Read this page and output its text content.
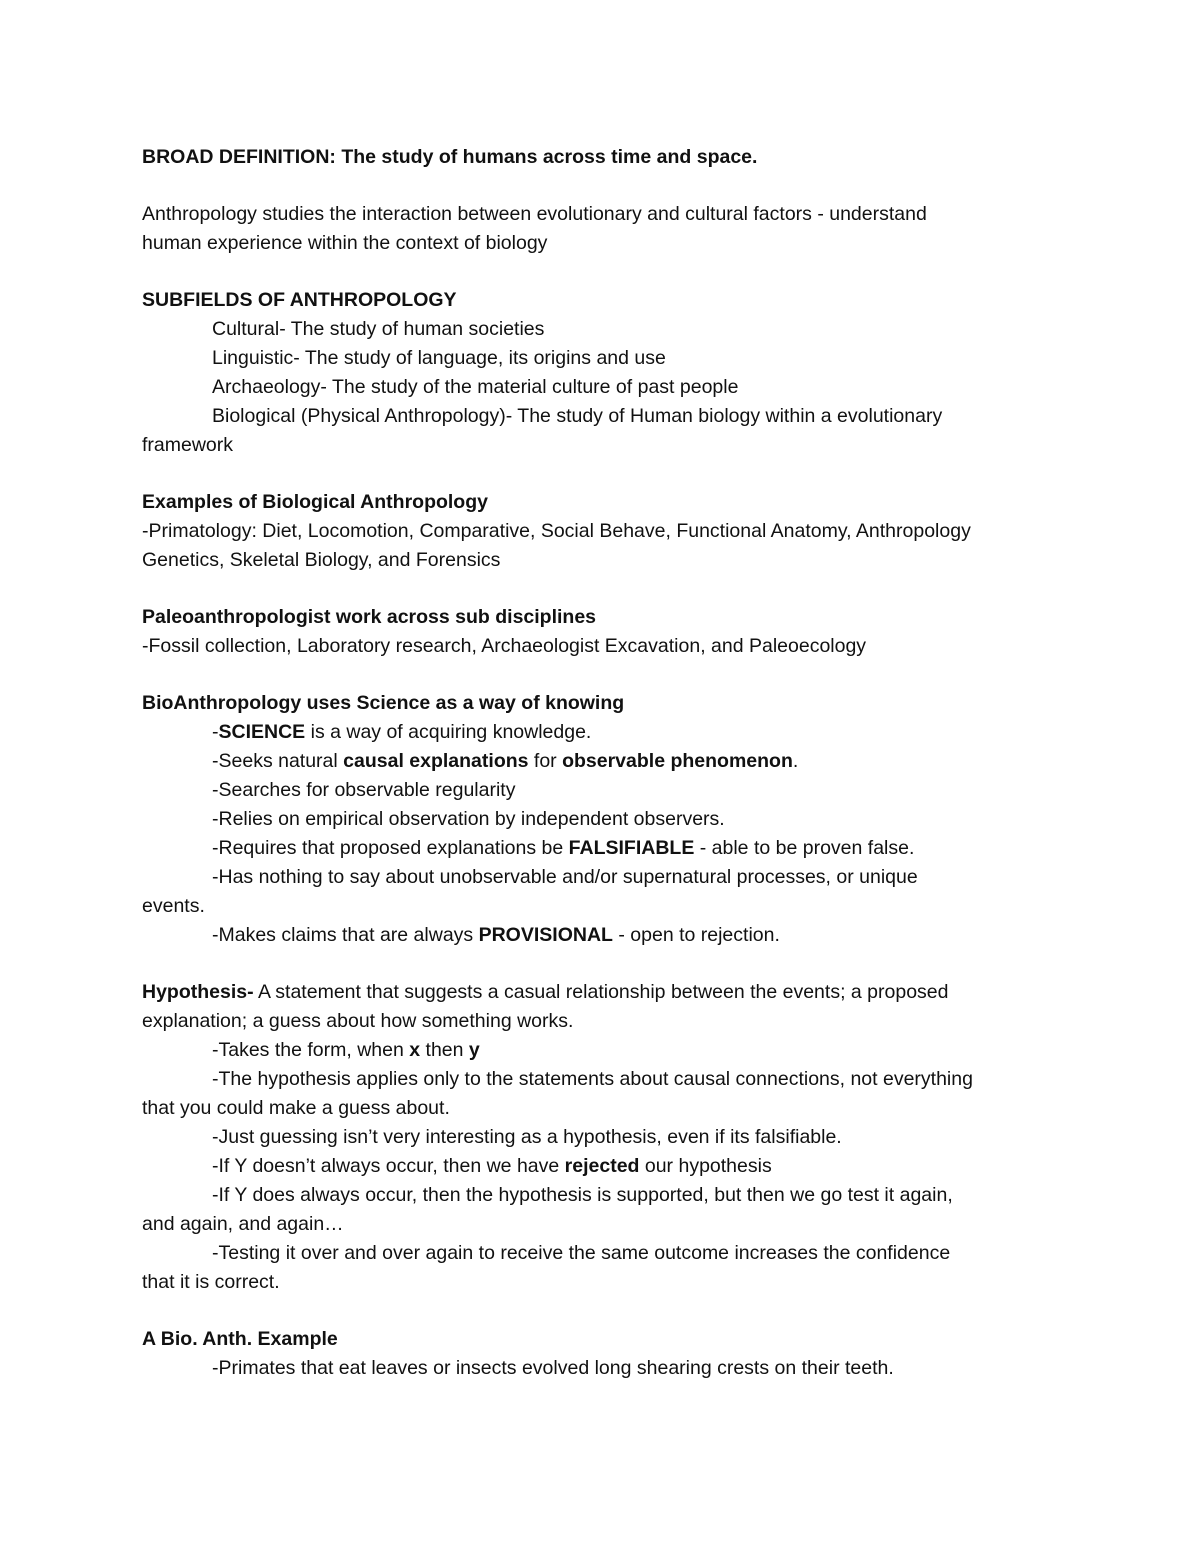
BROAD DEFINITION: The study of humans across time and space.
Anthropology studies the interaction between evolutionary and cultural factors - understand
human experience within the context of biology
SUBFIELDS OF ANTHROPOLOGY
Cultural- The study of human societies
Linguistic- The study of language, its origins and use
Archaeology- The study of the material culture of past people
Biological (Physical Anthropology)- The study of Human biology within a evolutionary
framework
Examples of Biological Anthropology
-Primatology: Diet, Locomotion, Comparative, Social Behave, Functional Anatomy, Anthropology
Genetics, Skeletal Biology, and Forensics
Paleoanthropologist work across sub disciplines
-Fossil collection, Laboratory research, Archaeologist Excavation, and Paleoecology
BioAnthropology uses Science as a way of knowing
-SCIENCE is a way of acquiring knowledge.
-Seeks natural causal explanations for observable phenomenon.
-Searches for observable regularity
-Relies on empirical observation by independent observers.
-Requires that proposed explanations be FALSIFIABLE - able to be proven false.
-Has nothing to say about unobservable and/or supernatural processes, or unique
events.
-Makes claims that are always PROVISIONAL - open to rejection.
Hypothesis- A statement that suggests a casual relationship between the events; a proposed
explanation; a guess about how something works.
-Takes the form, when x then y
-The hypothesis applies only to the statements about causal connections, not everything
that you could make a guess about.
-Just guessing isn’t very interesting as a hypothesis, even if its falsifiable.
-If Y doesn’t always occur, then we have rejected our hypothesis
-If Y does always occur, then the hypothesis is supported, but then we go test it again,
and again, and again…
-Testing it over and over again to receive the same outcome increases the confidence
that it is correct.
A Bio. Anth. Example
-Primates that eat leaves or insects evolved long shearing crests on their teeth.
